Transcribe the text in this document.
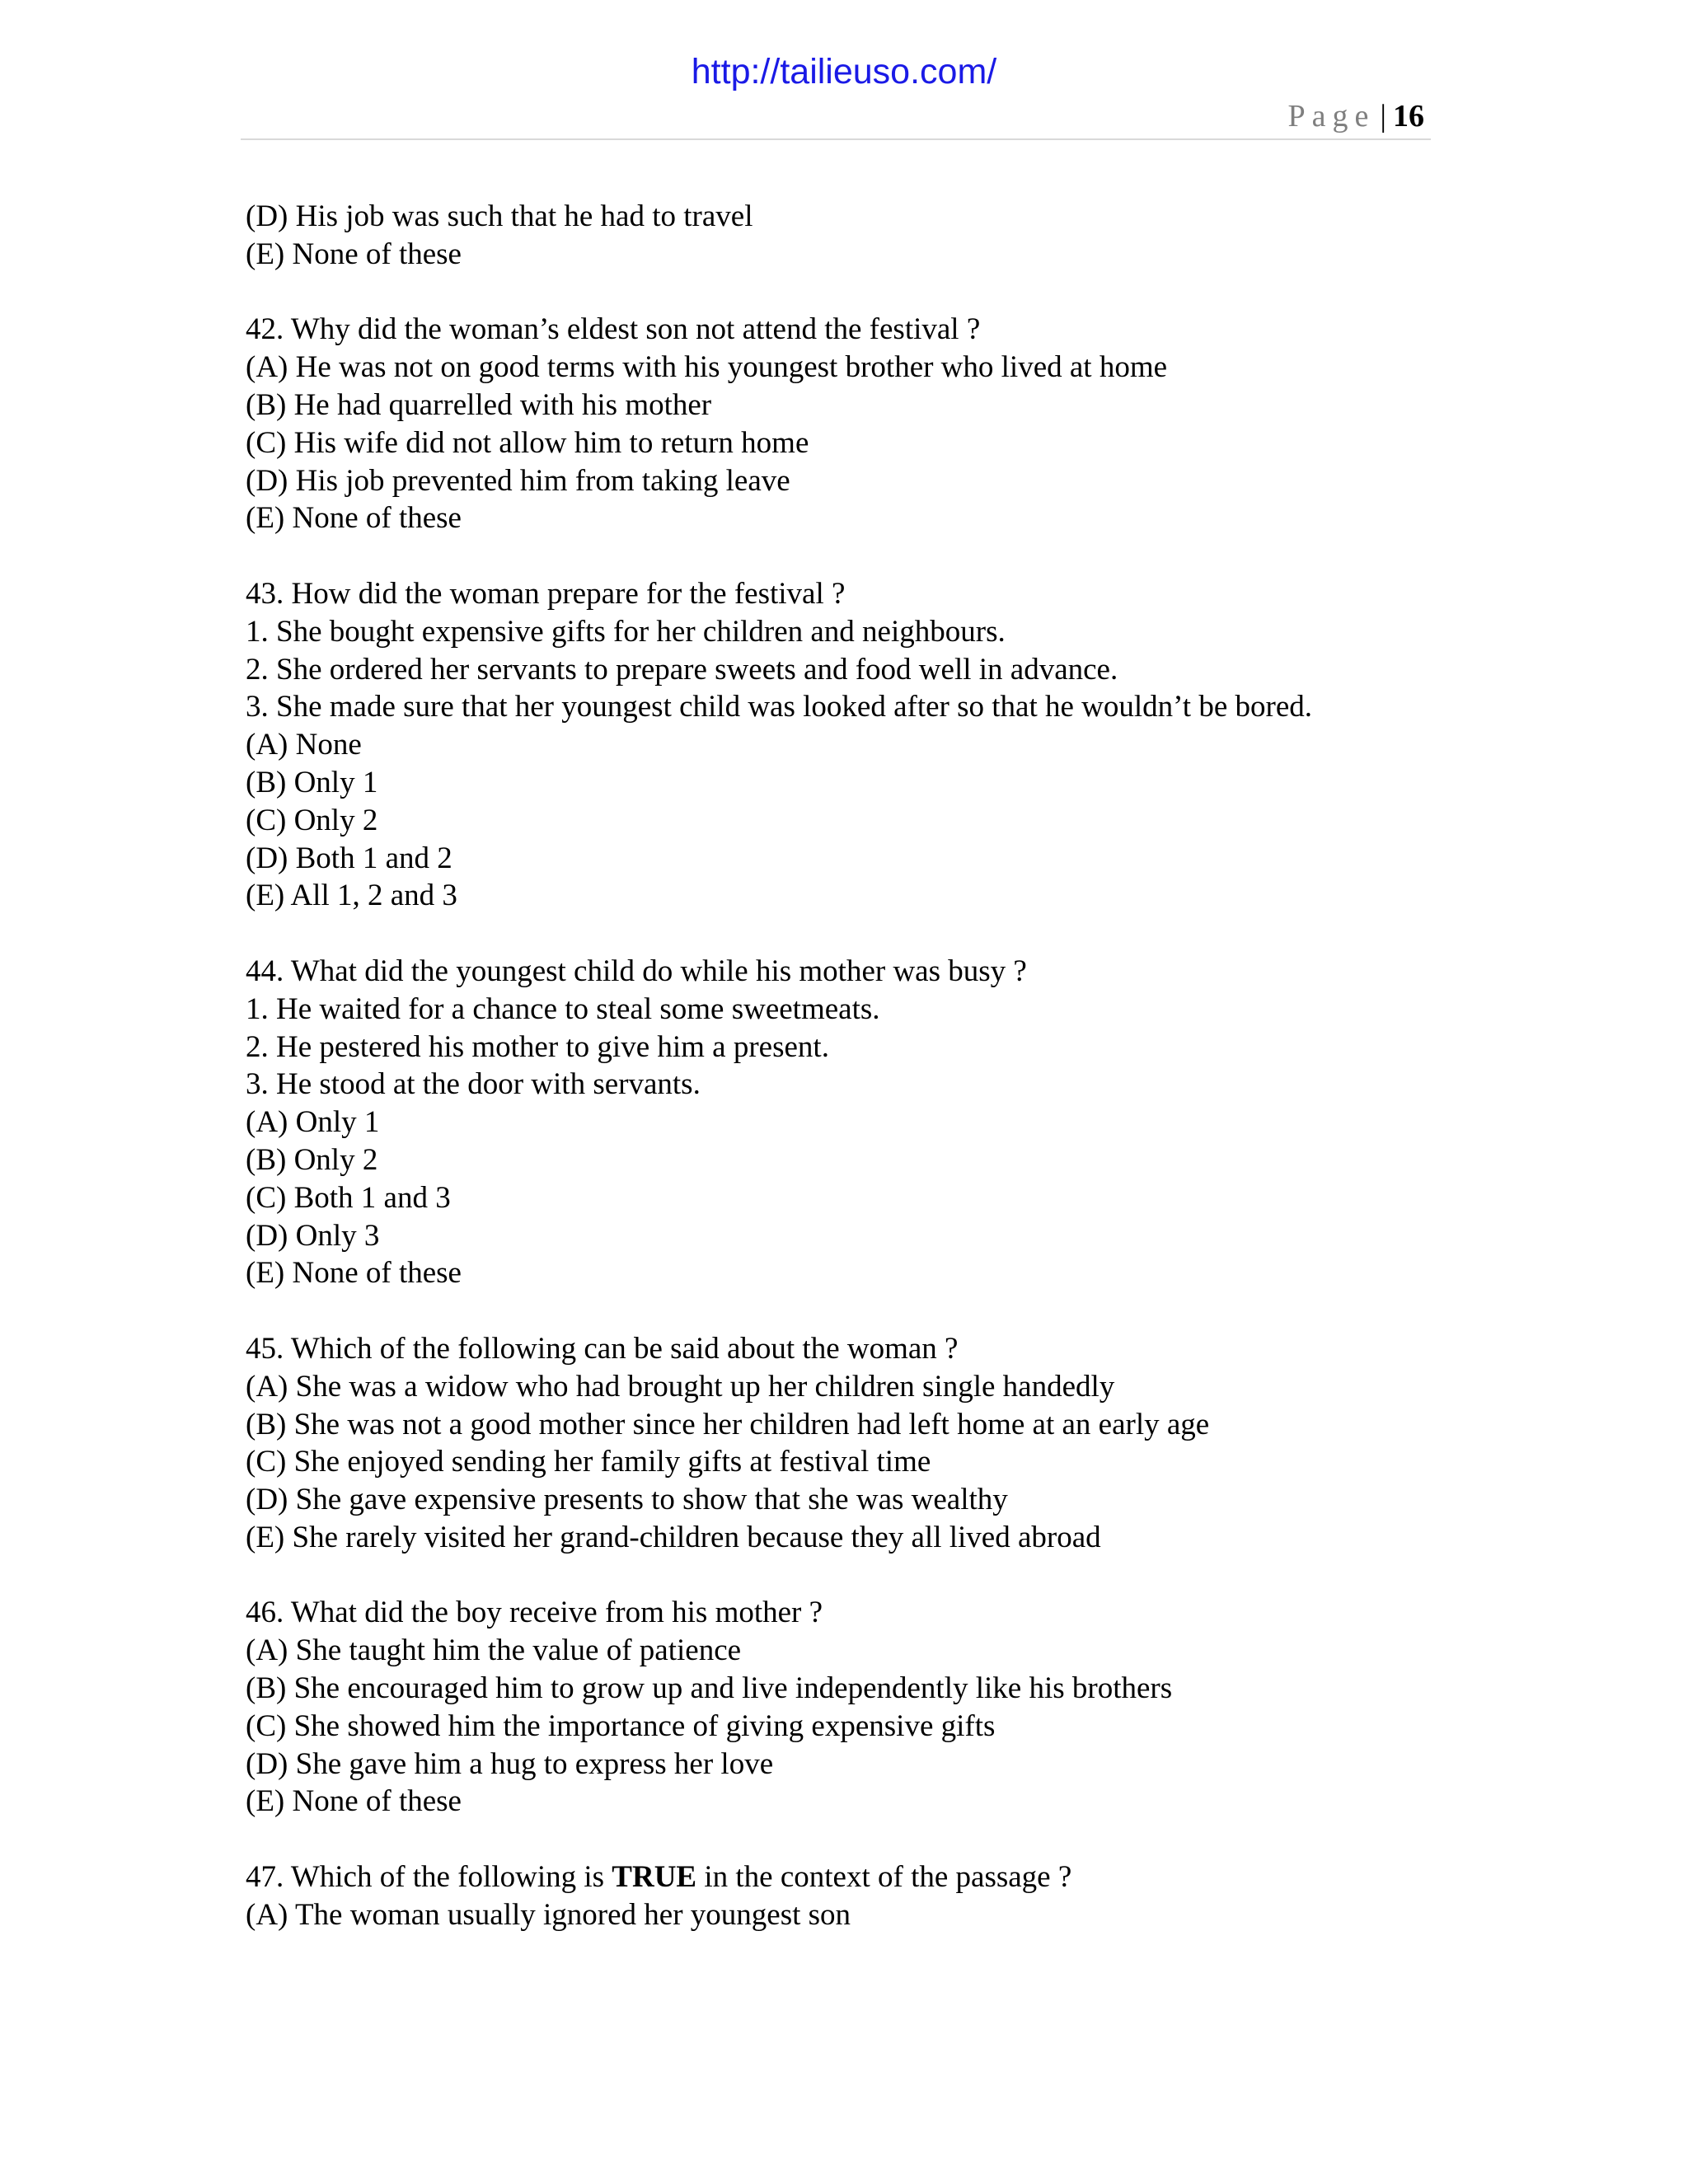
http://tailieuso.com/
Page | 16
(D) His job was such that he had to travel
(E) None of these
42. Why did the woman’s eldest son not attend the festival ?
(A) He was not on good terms with his youngest brother who lived at home
(B) He had quarrelled with his mother
(C) His wife did not allow him to return home
(D) His job prevented him from taking leave
(E) None of these
43. How did the woman prepare for the festival ?
1. She bought expensive gifts for her children and neighbours.
2. She ordered her servants to prepare sweets and food well in advance.
3. She made sure that her youngest child was looked after so that he wouldn’t be bored.
(A) None
(B) Only 1
(C) Only 2
(D) Both 1 and 2
(E) All 1, 2 and 3
44. What did the youngest child do while his mother was busy ?
1. He waited for a chance to steal some sweetmeats.
2. He pestered his mother to give him a present.
3. He stood at the door with servants.
(A) Only 1
(B) Only 2
(C) Both 1 and 3
(D) Only 3
(E) None of these
45. Which of the following can be said about the woman ?
(A) She was a widow who had brought up her children single handedly
(B) She was not a good mother since her children had left home at an early age
(C) She enjoyed sending her family gifts at festival time
(D) She gave expensive presents to show that she was wealthy
(E) She rarely visited her grand-children because they all lived abroad
46. What did the boy receive from his mother ?
(A) She taught him the value of patience
(B) She encouraged him to grow up and live independently like his brothers
(C) She showed him the importance of giving expensive gifts
(D) She gave him a hug to express her love
(E) None of these
47. Which of the following is TRUE in the context of the passage ?
(A) The woman usually ignored her youngest son
